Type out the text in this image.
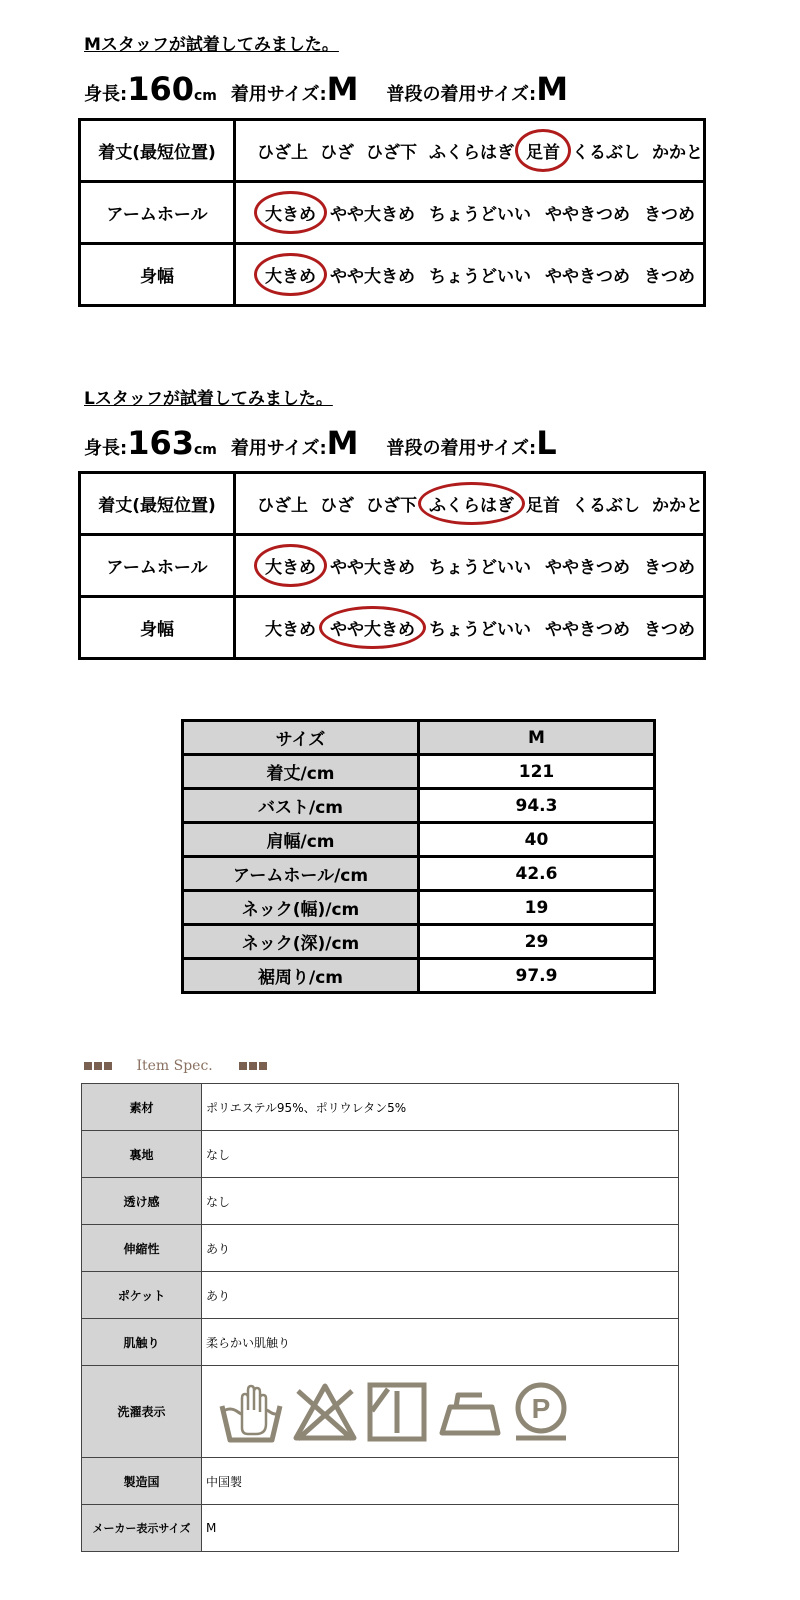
Mスタッフが試着してみました。
身長:160cm 着用サイズ:M 普段の着用サイズ:M
着丈(最短位置)	ひざ上 ひざ ひざ下 ふくらはぎ 足首 くるぶし かかと
アームホール	大きめ やや大きめ ちょうどいい ややきつめ きつめ
身幅	大きめ やや大きめ ちょうどいい ややきつめ きつめ
Lスタッフが試着してみました。
身長:163cm 着用サイズ:M 普段の着用サイズ:L
着丈(最短位置)	ひざ上 ひざ ひざ下 ふくらはぎ 足首 くるぶし かかと
アームホール	大きめ やや大きめ ちょうどいい ややきつめ きつめ
身幅	大きめ やや大きめ ちょうどいい ややきつめ きつめ
サイズ	M
着丈/cm	121
バスト/cm	94.3
肩幅/cm	40
アームホール/cm	42.6
ネック(幅)/cm	19
ネック(深)/cm	29
裾周り/cm	97.9
Item Spec.
素材	ポリエステル95%、ポリウレタン5%
裏地	なし
透け感	なし
伸縮性	あり
ポケット	あり
肌触り	柔らかい肌触り
洗濯表示	P

製造国	中国製
メーカー表示サイズ	M
